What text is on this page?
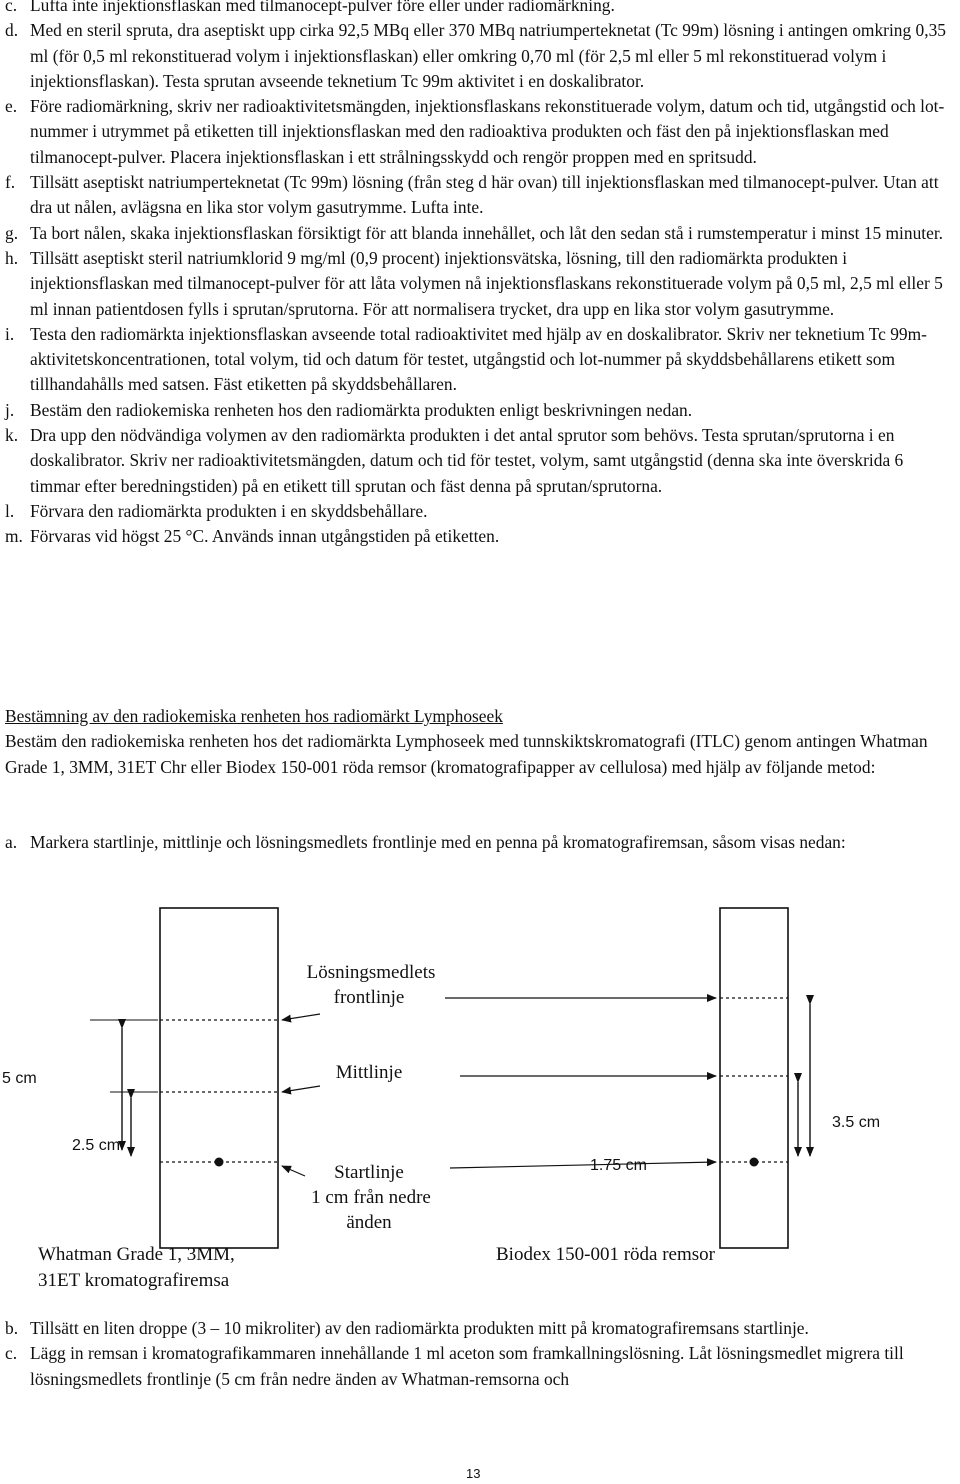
c. Lufta inte injektionsflaskan med tilmanocept-pulver före eller under radiomärkning.

d. Med en steril spruta, dra aseptiskt upp cirka 92,5 MBq eller 370 MBq natriumperteknetat (Tc 99m) lösning i antingen omkring 0,35 ml (för 0,5 ml rekonstituerad volym i injektionsflaskan) eller omkring 0,70 ml (för 2,5 ml eller 5 ml rekonstituerad volym i injektionsflaskan). Testa sprutan avseende teknetium Tc 99m aktivitet i en doskalibrator.

e. Före radiomärkning, skriv ner radioaktivitetsmängden, injektionsflaskans rekonstituerade volym, datum och tid, utgångstid och lot-nummer i utrymmet på etiketten till injektionsflaskan med den radioaktiva produkten och fäst den på injektionsflaskan med tilmanocept-pulver. Placera injektionsflaskan i ett strålningsskydd och rengör proppen med en spritsudd.

f. Tillsätt aseptiskt natriumperteknetat (Tc 99m) lösning (från steg d här ovan) till injektionsflaskan med tilmanocept-pulver. Utan att dra ut nålen, avlägsna en lika stor volym gasutrymme. Lufta inte.

g. Ta bort nålen, skaka injektionsflaskan försiktigt för att blanda innehållet, och låt den sedan stå i rumstemperatur i minst 15 minuter.

h. Tillsätt aseptiskt steril natriumklorid 9 mg/ml (0,9 procent) injektionsvätska, lösning, till den radiomärkta produkten i injektionsflaskan med tilmanocept-pulver för att låta volymen nå injektionsflaskans rekonstituerade volym på 0,5 ml, 2,5 ml eller 5 ml innan patientdosen fylls i sprutan/sprutorna. För att normalisera trycket, dra upp en lika stor volym gasutrymme.

i. Testa den radiomärkta injektionsflaskan avseende total radioaktivitet med hjälp av en doskalibrator. Skriv ner teknetium Tc 99m-aktivitetskoncentrationen, total volym, tid och datum för testet, utgångstid och lot-nummer på skyddsbehållarens etikett som tillhandahålls med satsen. Fäst etiketten på skyddsbehållaren.

j. Bestäm den radiokemiska renheten hos den radiomärkta produkten enligt beskrivningen nedan.

k. Dra upp den nödvändiga volymen av den radiomärkta produkten i det antal sprutor som behövs. Testa sprutan/sprutorna i en doskalibrator. Skriv ner radioaktivitetsmängden, datum och tid för testet, volym, samt utgångstid (denna ska inte överskrida 6 timmar efter beredningstiden) på en etikett till sprutan och fäst denna på sprutan/sprutorna.

l. Förvara den radiomärkta produkten i en skyddsbehållare.

m. Förvaras vid högst 25 °C. Används innan utgångstiden på etiketten.

Bestämning av den radiokemiska renheten hos radiomärkt Lymphoseek

Bestäm den radiokemiska renheten hos det radiomärkta Lymphoseek med tunnskiktskromatografi (ITLC) genom antingen Whatman Grade 1, 3MM, 31ET Chr eller Biodex 150-001 röda remsor (kromatografipapper av cellulosa) med hjälp av följande metod:

a. Markera startlinje, mittlinje och lösningsmedlets frontlinje med en penna på kromatografiremsan, såsom visas nedan:

b. Tillsätt en liten droppe (3 – 10 mikroliter) av den radiomärkta produkten mitt på kromatografiremsans startlinje.

c. Lägg in remsan i kromatografikammaren innehållande 1 ml aceton som framkallningslösning. Låt lösningsmedlet migrera till lösningsmedlets frontlinje (5 cm från nedre änden av Whatman-remsorna och

Lösningsmedlets
frontlinje
Mittlinje
Startlinje
1 cm från nedre
änden
Whatman Grade 1, 3MM,
31ET kromatografiremsa
Biodex 150-001 röda remsor
5 cm
2.5 cm
3.5 cm
1.75 cm
13
